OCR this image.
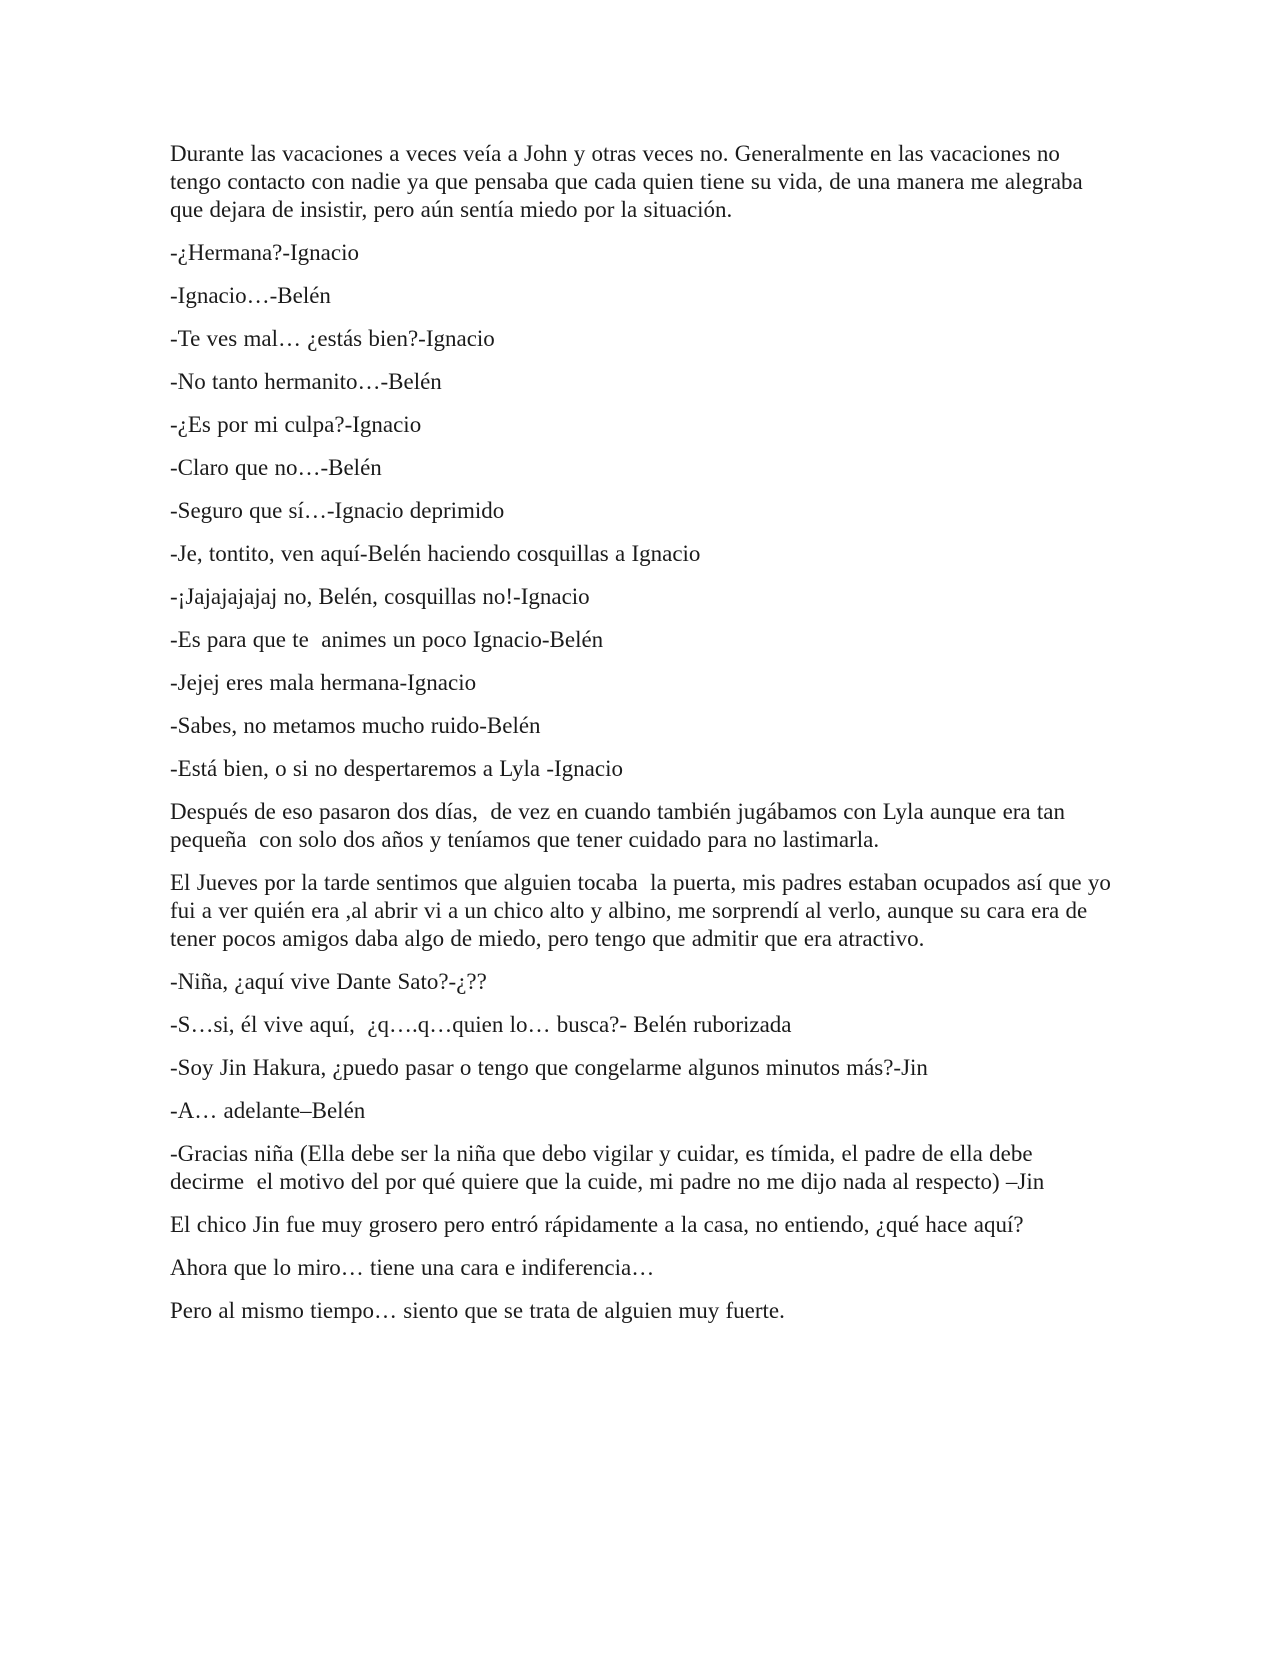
Durante las vacaciones a veces veía a John y otras veces no. Generalmente en las vacaciones no tengo contacto con nadie ya que pensaba que cada quien tiene su vida, de una manera me alegraba que dejara de insistir, pero aún sentía miedo por la situación.

-¿Hermana?-Ignacio

-Ignacio…-Belén

-Te ves mal… ¿estás bien?-Ignacio

-No tanto hermanito…-Belén

-¿Es por mi culpa?-Ignacio

-Claro que no…-Belén

-Seguro que sí…-Ignacio deprimido

-Je, tontito, ven aquí-Belén haciendo cosquillas a Ignacio

-¡Jajajajajaj no, Belén, cosquillas no!-Ignacio

-Es para que te  animes un poco Ignacio-Belén

-Jejej eres mala hermana-Ignacio

-Sabes, no metamos mucho ruido-Belén

-Está bien, o si no despertaremos a Lyla -Ignacio

Después de eso pasaron dos días,  de vez en cuando también jugábamos con Lyla aunque era tan pequeña  con solo dos años y teníamos que tener cuidado para no lastimarla.

El Jueves por la tarde sentimos que alguien tocaba  la puerta, mis padres estaban ocupados así que yo fui a ver quién era ,al abrir vi a un chico alto y albino, me sorprendí al verlo, aunque su cara era de tener pocos amigos daba algo de miedo, pero tengo que admitir que era atractivo.

-Niña, ¿aquí vive Dante Sato?-¿??

-S…si, él vive aquí,  ¿q….q…quien lo… busca?- Belén ruborizada

-Soy Jin Hakura, ¿puedo pasar o tengo que congelarme algunos minutos más?-Jin

-A… adelante–Belén

-Gracias niña (Ella debe ser la niña que debo vigilar y cuidar, es tímida, el padre de ella debe decirme  el motivo del por qué quiere que la cuide, mi padre no me dijo nada al respecto) –Jin

El chico Jin fue muy grosero pero entró rápidamente a la casa, no entiendo, ¿qué hace aquí?

Ahora que lo miro… tiene una cara e indiferencia…

Pero al mismo tiempo… siento que se trata de alguien muy fuerte.
